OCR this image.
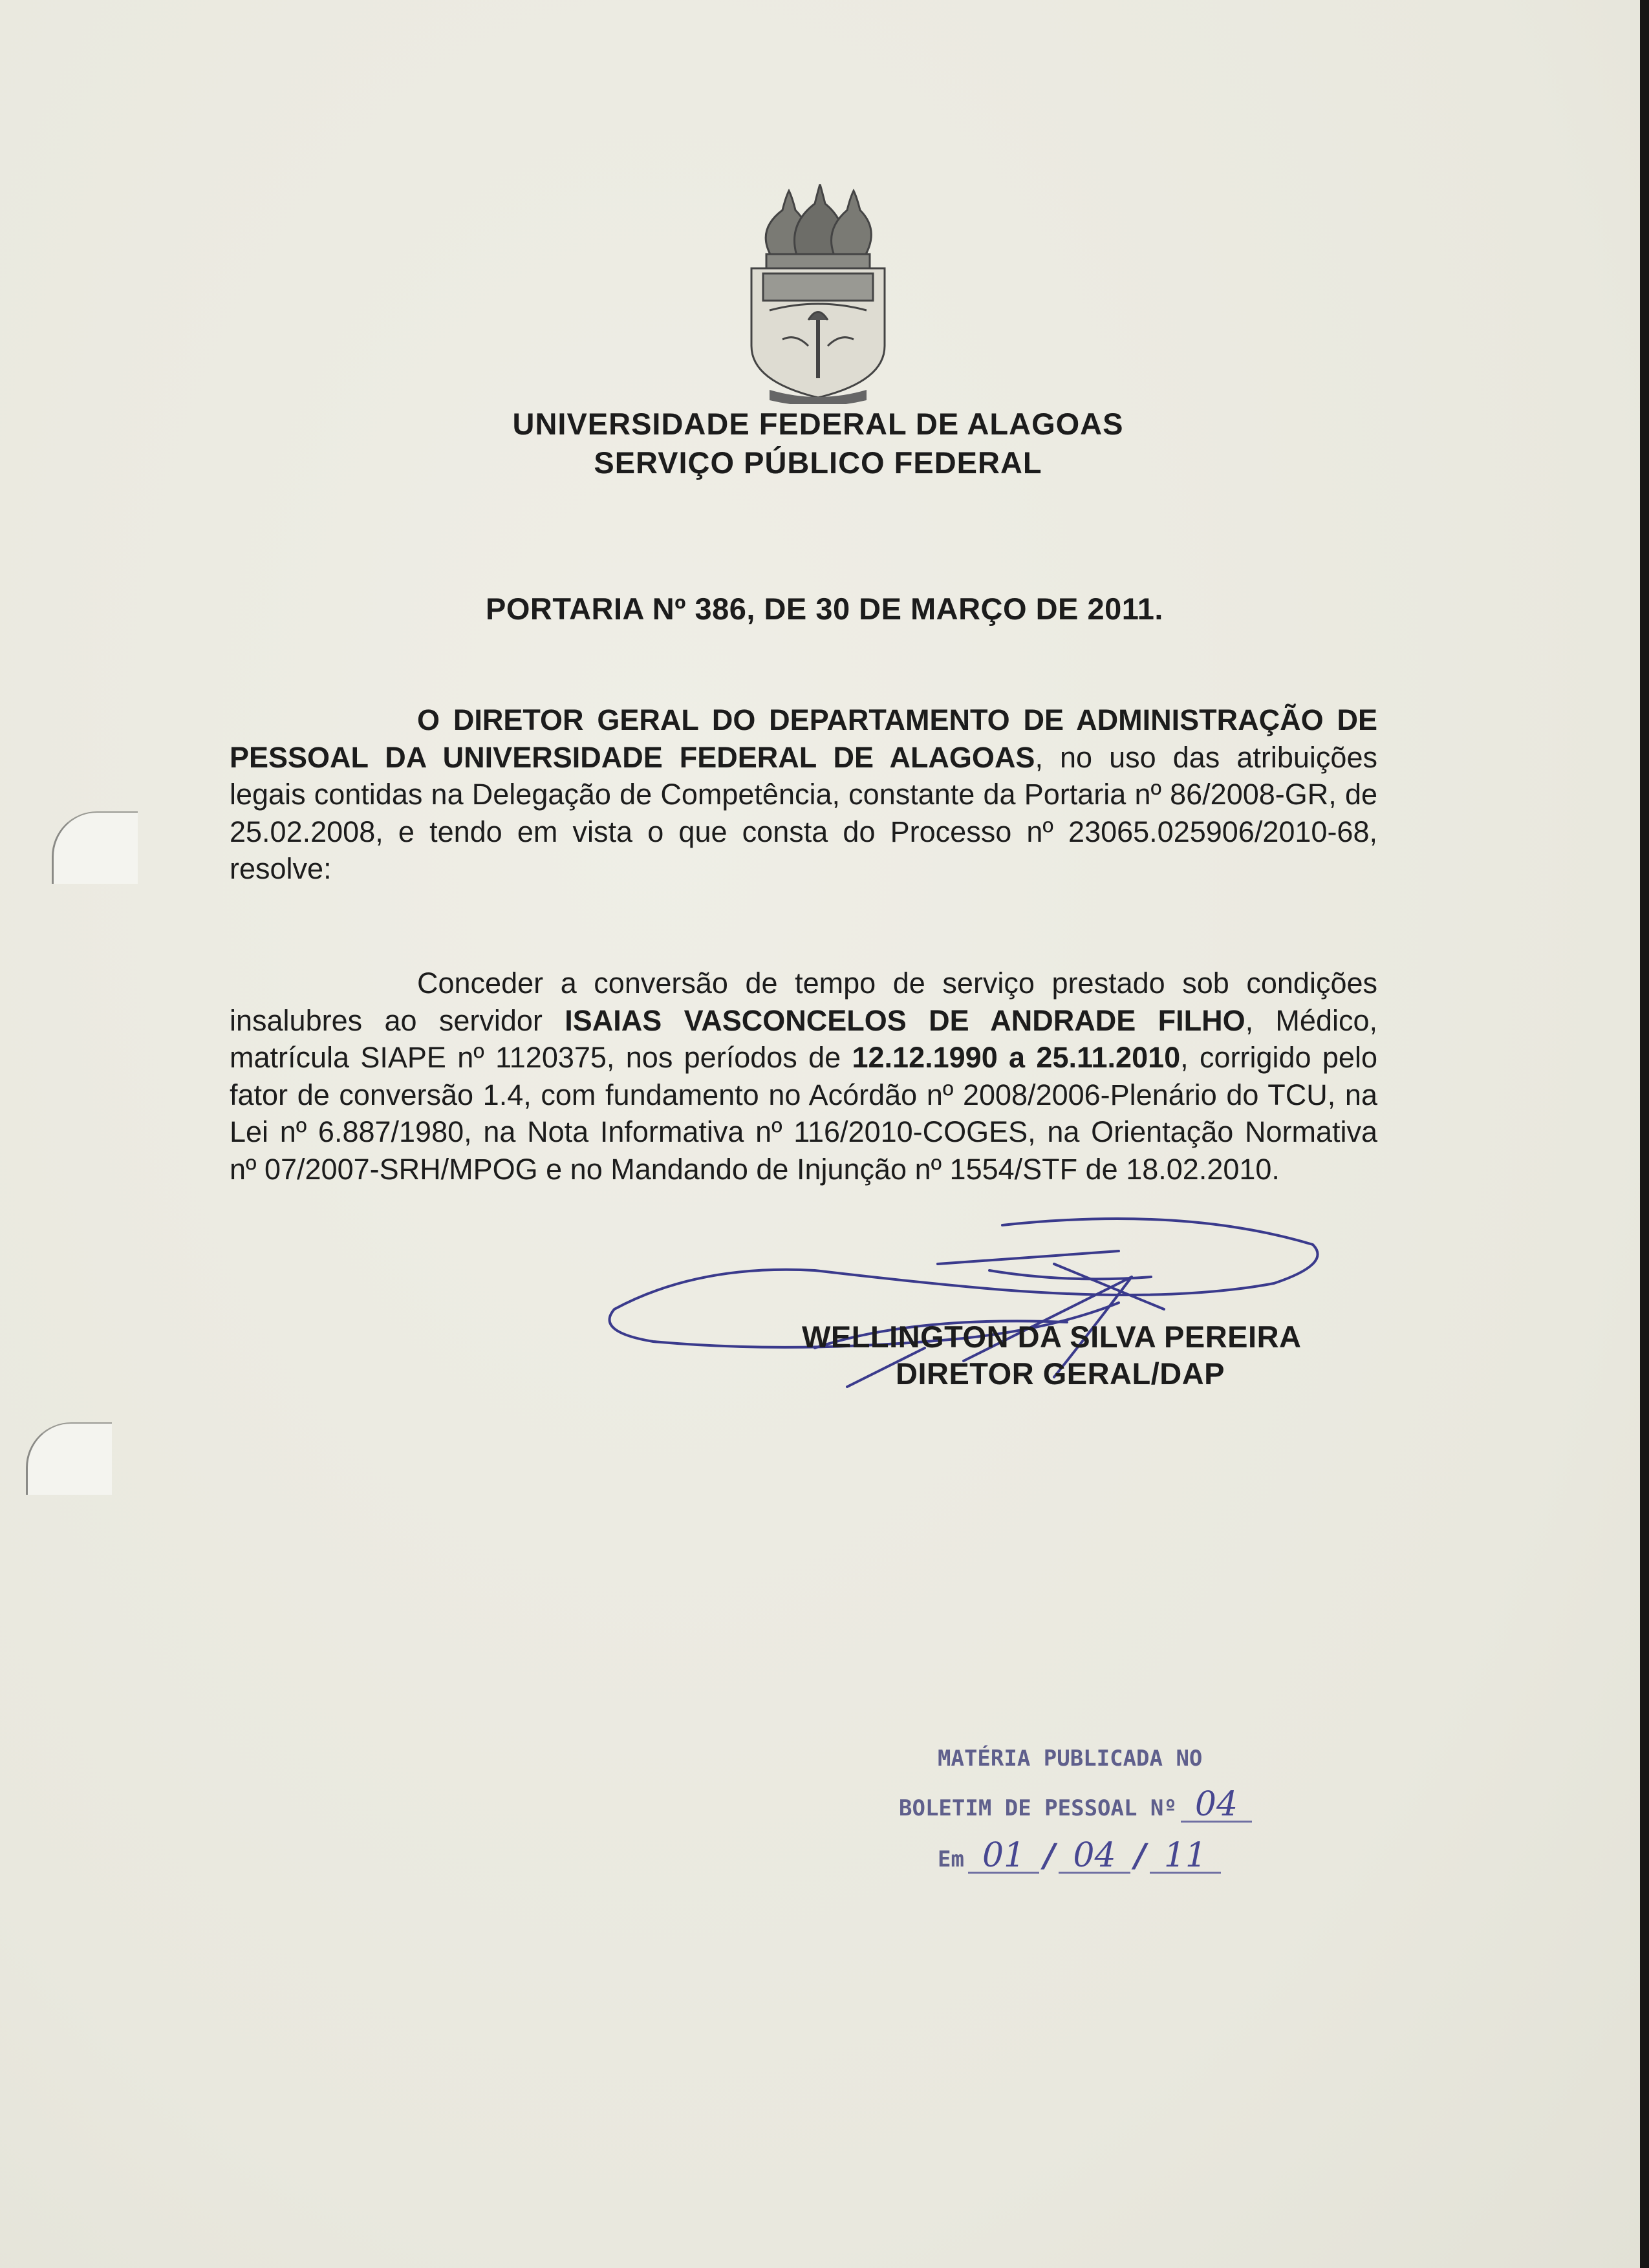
UNIVERSIDADE FEDERAL DE ALAGOAS
SERVIÇO PÚBLICO FEDERAL
PORTARIA Nº 386, DE 30 DE MARÇO DE 2011.

O DIRETOR GERAL DO DEPARTAMENTO DE ADMINISTRAÇÃO DE PESSOAL DA UNIVERSIDADE FEDERAL DE ALAGOAS, no uso das atribuições legais contidas na Delegação de Competência, constante da Portaria nº 86/2008-GR, de 25.02.2008, e tendo em vista o que consta do Processo nº 23065.025906/2010-68, resolve:

Conceder a conversão de tempo de serviço prestado sob condições insalubres ao servidor ISAIAS VASCONCELOS DE ANDRADE FILHO, Médico, matrícula SIAPE nº 1120375, nos períodos de 12.12.1990 a 25.11.2010, corrigido pelo fator de conversão 1.4, com fundamento no Acórdão nº 2008/2006-Plenário do TCU, na Lei nº 6.887/1980, na Nota Informativa nº 116/2010-COGES, na Orientação Normativa nº 07/2007-SRH/MPOG e no Mandando de Injunção nº 1554/STF de 18.02.2010.

WELLINGTON DA SILVA PEREIRA
DIRETOR GERAL/DAP
MATÉRIA PUBLICADA NO
BOLETIM DE PESSOAL Nº 04
Em 01 / 04 / 11
